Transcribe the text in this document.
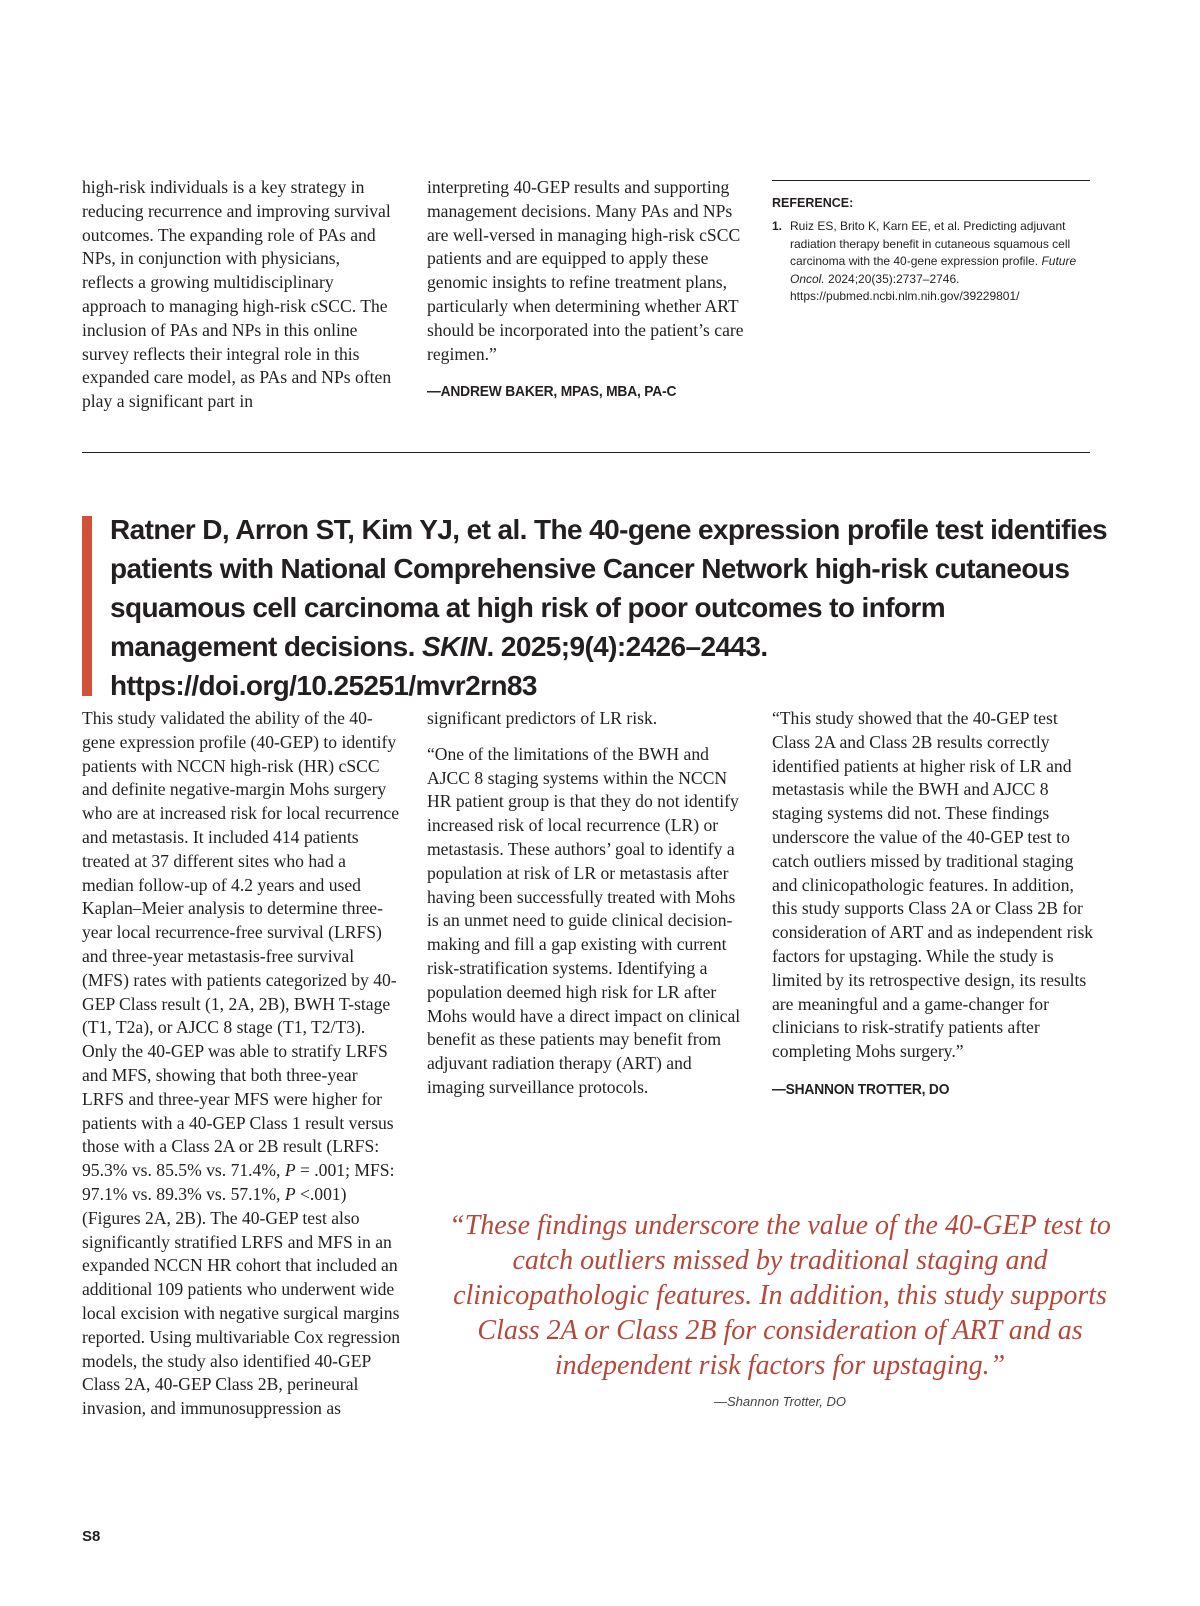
high-risk individuals is a key strategy in reducing recurrence and improving survival outcomes. The expanding role of PAs and NPs, in conjunction with physicians, reflects a growing multidisciplinary approach to managing high-risk cSCC. The inclusion of PAs and NPs in this online survey reflects their integral role in this expanded care model, as PAs and NPs often play a significant part in

interpreting 40-GEP results and supporting management decisions. Many PAs and NPs are well-versed in managing high-risk cSCC patients and are equipped to apply these genomic insights to refine treatment plans, particularly when determining whether ART should be incorporated into the patient’s care regimen.”

—ANDREW BAKER, MPAS, MBA, PA-C
REFERENCE:
1. Ruiz ES, Brito K, Karn EE, et al. Predicting adjuvant radiation therapy benefit in cutaneous squamous cell carcinoma with the 40-gene expression profile. Future Oncol. 2024;20(35):2737–2746. https://pubmed.ncbi.nlm.nih.gov/39229801/
Ratner D, Arron ST, Kim YJ, et al. The 40-gene expression profile test identifies patients with National Comprehensive Cancer Network high-risk cutaneous squamous cell carcinoma at high risk of poor outcomes to inform management decisions. SKIN. 2025;9(4):2426–2443. https://doi.org/10.25251/mvr2rn83

This study validated the ability of the 40-gene expression profile (40-GEP) to identify patients with NCCN high-risk (HR) cSCC and definite negative-margin Mohs surgery who are at increased risk for local recurrence and metastasis. It included 414 patients treated at 37 different sites who had a median follow-up of 4.2 years and used Kaplan–Meier analysis to determine three-year local recurrence-free survival (LRFS) and three-year metastasis-free survival (MFS) rates with patients categorized by 40-GEP Class result (1, 2A, 2B), BWH T-stage (T1, T2a), or AJCC 8 stage (T1, T2/T3). Only the 40-GEP was able to stratify LRFS and MFS, showing that both three-year LRFS and three-year MFS were higher for patients with a 40-GEP Class 1 result versus those with a Class 2A or 2B result (LRFS: 95.3% vs. 85.5% vs. 71.4%, P = .001; MFS: 97.1% vs. 89.3% vs. 57.1%, P <.001) (Figures 2A, 2B). The 40-GEP test also significantly stratified LRFS and MFS in an expanded NCCN HR cohort that included an additional 109 patients who underwent wide local excision with negative surgical margins reported. Using multivariable Cox regression models, the study also identified 40-GEP Class 2A, 40-GEP Class 2B, perineural invasion, and immunosuppression as

significant predictors of LR risk.

“One of the limitations of the BWH and AJCC 8 staging systems within the NCCN HR patient group is that they do not identify increased risk of local recurrence (LR) or metastasis. These authors’ goal to identify a population at risk of LR or metastasis after having been successfully treated with Mohs is an unmet need to guide clinical decision-making and fill a gap existing with current risk-stratification systems. Identifying a population deemed high risk for LR after Mohs would have a direct impact on clinical benefit as these patients may benefit from adjuvant radiation therapy (ART) and imaging surveillance protocols.

“This study showed that the 40-GEP test Class 2A and Class 2B results correctly identified patients at higher risk of LR and metastasis while the BWH and AJCC 8 staging systems did not. These findings underscore the value of the 40-GEP test to catch outliers missed by traditional staging and clinicopathologic features. In addition, this study supports Class 2A or Class 2B for consideration of ART and as independent risk factors for upstaging. While the study is limited by its retrospective design, its results are meaningful and a game-changer for clinicians to risk-stratify patients after completing Mohs surgery.”

—SHANNON TROTTER, DO
“These findings underscore the value of the 40-GEP test to catch outliers missed by traditional staging and clinicopathologic features. In addition, this study supports Class 2A or Class 2B for consideration of ART and as independent risk factors for upstaging.”
—Shannon Trotter, DO
S8
